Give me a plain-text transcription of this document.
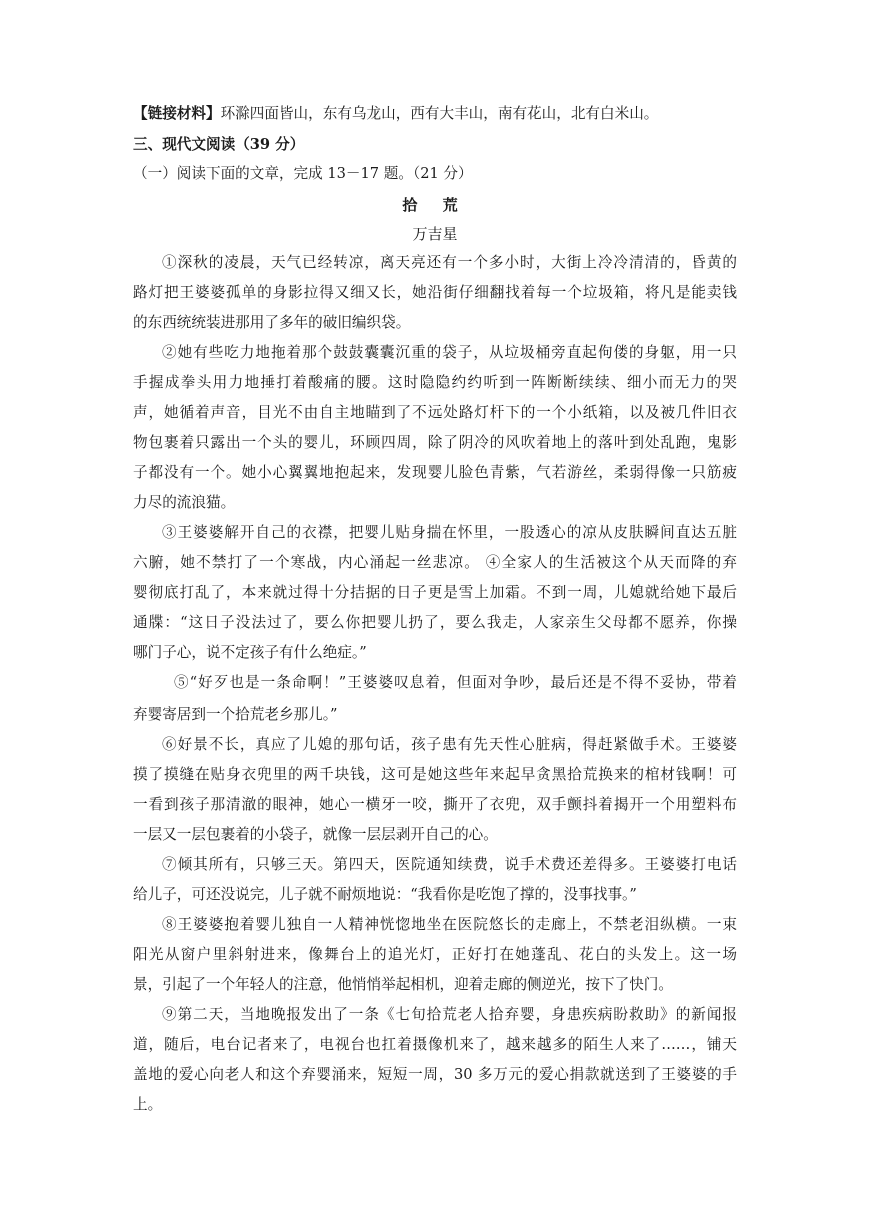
【链接材料】环滁四面皆山，东有乌龙山，西有大丰山，南有花山，北有白米山。
三、现代文阅读（39 分）
（一）阅读下面的文章，完成 13－17 题。（21 分）
拾 荒
万吉星
①深秋的凌晨，天气已经转凉，离天亮还有一个多小时，大街上冷冷清清的，昏黄的
路灯把王婆婆孤单的身影拉得又细又长，她沿街仔细翻找着每一个垃圾箱，将凡是能卖钱
的东西统统装进那用了多年的破旧编织袋。
②她有些吃力地拖着那个鼓鼓囊囊沉重的袋子，从垃圾桶旁直起佝偻的身躯，用一只
手握成拳头用力地捶打着酸痛的腰。这时隐隐约约听到一阵断断续续、细小而无力的哭
声，她循着声音，目光不由自主地瞄到了不远处路灯杆下的一个小纸箱，以及被几件旧衣
物包裹着只露出一个头的婴儿，环顾四周，除了阴冷的风吹着地上的落叶到处乱跑，鬼影
子都没有一个。她小心翼翼地抱起来，发现婴儿脸色青紫，气若游丝，柔弱得像一只筋疲
力尽的流浪猫。
③王婆婆解开自己的衣襟，把婴儿贴身揣在怀里，一股透心的凉从皮肤瞬间直达五脏
六腑，她不禁打了一个寒战，内心涌起一丝悲凉。 ④全家人的生活被这个从天而降的弃
婴彻底打乱了，本来就过得十分拮据的日子更是雪上加霜。不到一周，儿媳就给她下最后
通牒：“这日子没法过了，要么你把婴儿扔了，要么我走，人家亲生父母都不愿养，你操
哪门子心，说不定孩子有什么绝症。”
⑤“好歹也是一条命啊！”王婆婆叹息着，但面对争吵，最后还是不得不妥协，带着
弃婴寄居到一个拾荒老乡那儿。”
⑥好景不长，真应了儿媳的那句话，孩子患有先天性心脏病，得赶紧做手术。王婆婆
摸了摸缝在贴身衣兜里的两千块钱，这可是她这些年来起早贪黑拾荒换来的棺材钱啊！可
一看到孩子那清澈的眼神，她心一横牙一咬，撕开了衣兜，双手颤抖着揭开一个用塑料布
一层又一层包裹着的小袋子，就像一层层剥开自己的心。
⑦倾其所有，只够三天。第四天，医院通知续费，说手术费还差得多。王婆婆打电话
给儿子，可还没说完，儿子就不耐烦地说：“我看你是吃饱了撑的，没事找事。”
⑧王婆婆抱着婴儿独自一人精神恍惚地坐在医院悠长的走廊上，不禁老泪纵横。一束
阳光从窗户里斜射进来，像舞台上的追光灯，正好打在她蓬乱、花白的头发上。这一场
景，引起了一个年轻人的注意，他悄悄举起相机，迎着走廊的侧逆光，按下了快门。
⑨第二天，当地晚报发出了一条《七旬拾荒老人拾弃婴，身患疾病盼救助》的新闻报
道，随后，电台记者来了，电视台也扛着摄像机来了，越来越多的陌生人来了……，铺天
盖地的爱心向老人和这个弃婴涌来，短短一周，30 多万元的爱心捐款就送到了王婆婆的手
上。
